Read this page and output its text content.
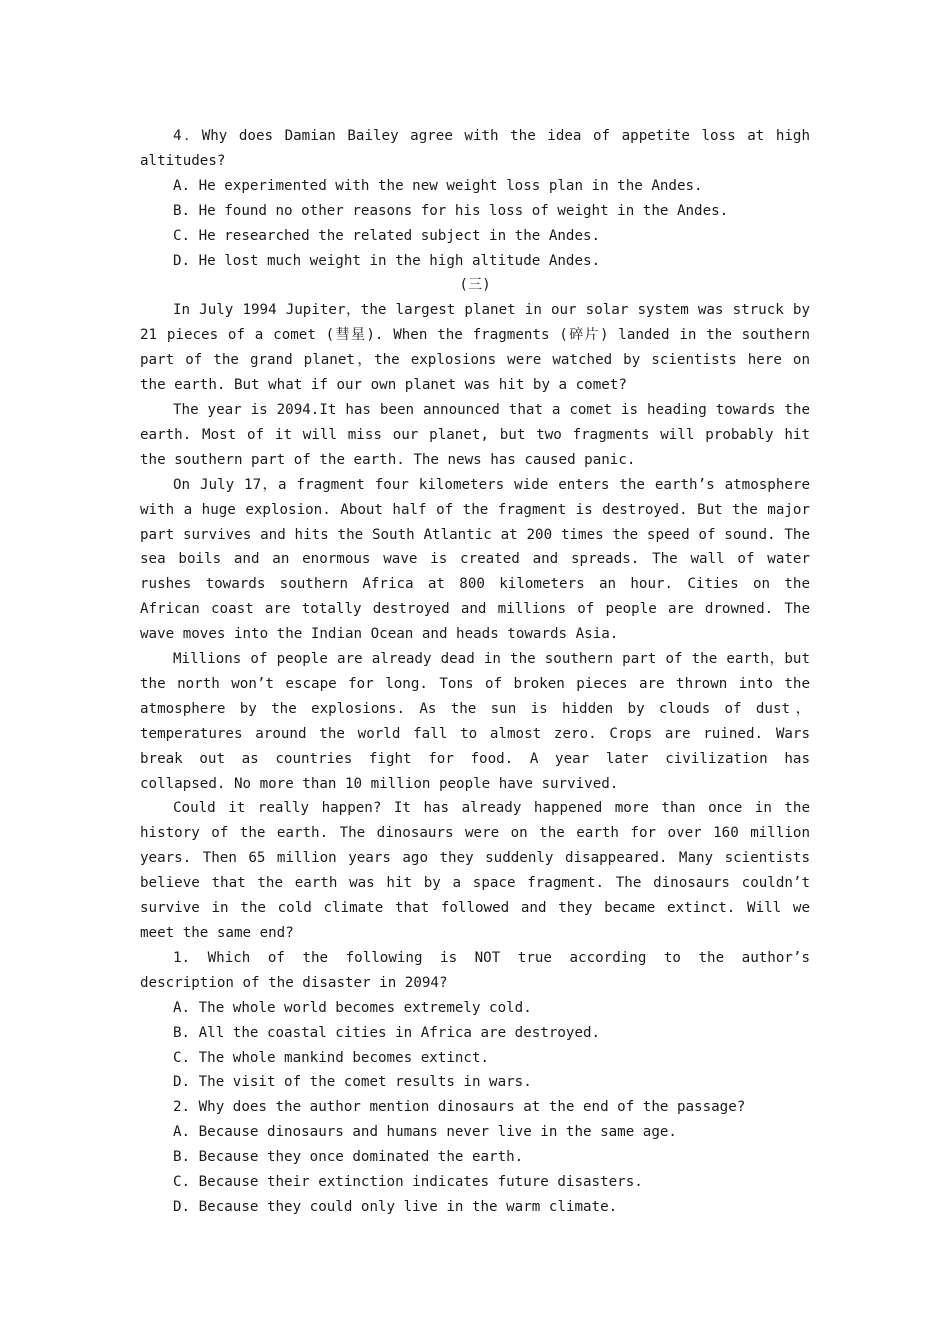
4．Why does Damian Bailey agree with the idea of appetite loss at high altitudes?

A. He experimented with the new weight loss plan in the Andes.

B. He found no other reasons for his loss of weight in the Andes.

C. He researched the related subject in the Andes.

D. He lost much weight in the high altitude Andes.

(三)

In July 1994 Jupiter，the largest planet in our solar system was struck by 21 pieces of a comet (彗星). When the fragments (碎片) landed in the southern part of the grand planet，the explosions were watched by scientists here on the earth. But what if our own planet was hit by a comet?

The year is 2094.It has been announced that a comet is heading towards the earth. Most of it will miss our planet, but two fragments will probably hit the southern part of the earth. The news has caused panic.

On July 17，a fragment four kilometers wide enters the earth’s atmosphere with a huge explosion. About half of the fragment is destroyed. But the major part survives and hits the South Atlantic at 200 times the speed of sound. The sea boils and an enormous wave is created and spreads. The wall of water rushes towards southern Africa at 800 kilometers an hour. Cities on the African coast are totally destroyed and millions of people are drowned. The wave moves into the Indian Ocean and heads towards Asia.

Millions of people are already dead in the southern part of the earth，but the north won’t escape for long. Tons of broken pieces are thrown into the atmosphere by the explosions. As the sun is hidden by clouds of dust，temperatures around the world fall to almost zero. Crops are ruined. Wars break out as countries fight for food. A year later civilization has collapsed. No more than 10 million people have survived.

Could it really happen? It has already happened more than once in the history of the earth. The dinosaurs were on the earth for over 160 million years. Then 65 million years ago they suddenly disappeared. Many scientists believe that the earth was hit by a space fragment. The dinosaurs couldn’t survive in the cold climate that followed and they became extinct. Will we meet the same end?

1. Which of the following is NOT true according to the author’s description of the disaster in 2094?

A. The whole world becomes extremely cold.

B. All the coastal cities in Africa are destroyed.

C. The whole mankind becomes extinct.

D. The visit of the comet results in wars.

2. Why does the author mention dinosaurs at the end of the passage?

A. Because dinosaurs and humans never live in the same age.

B. Because they once dominated the earth.

C. Because their extinction indicates future disasters.

D. Because they could only live in the warm climate.
